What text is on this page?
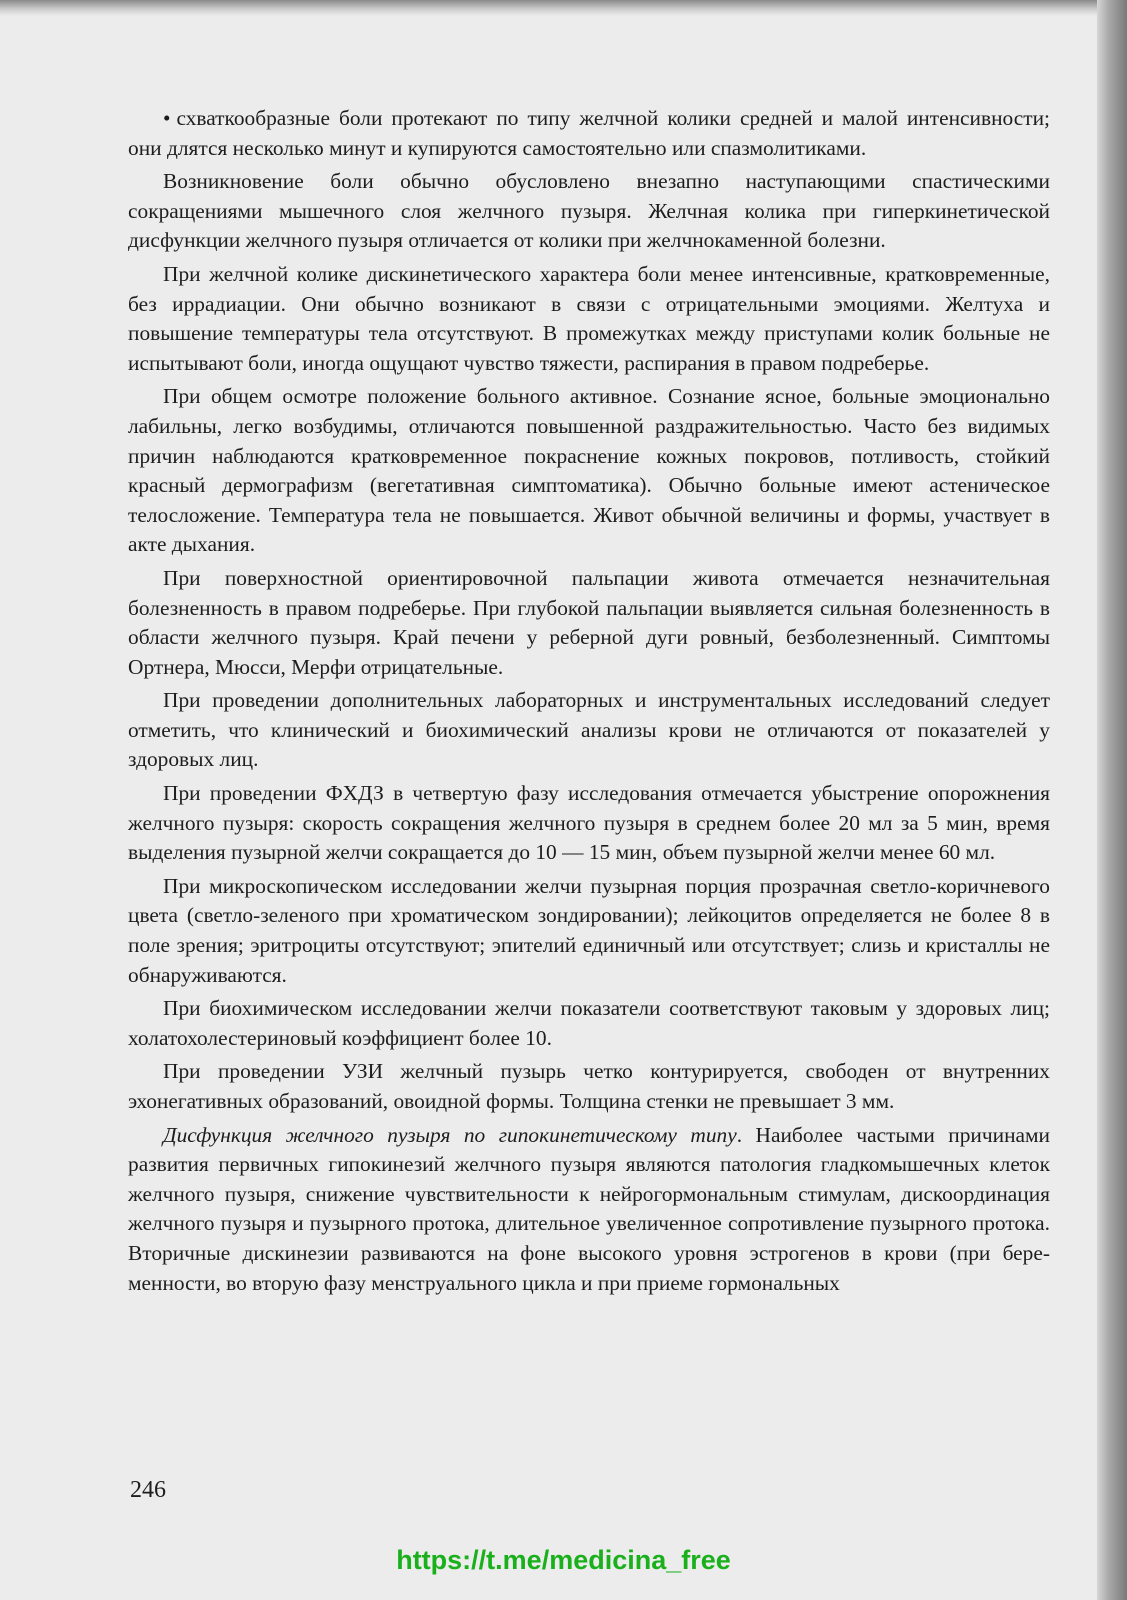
• схваткообразные боли протекают по типу желчной колики средней и малой интенсивности; они длятся несколько минут и купируются самостоятельно или спазмолитиками.

Возникновение боли обычно обусловлено внезапно наступающими спастическими сокращениями мышечного слоя желчного пузыря. Желчная колика при гиперкинетической дисфункции желчного пузыря отличается от колики при желчнокаменной болезни.

При желчной колике дискинетического характера боли менее интенсивные, кратковременные, без иррадиации. Они обычно возникают в связи с отрицательными эмоциями. Желтуха и повышение температуры тела отсутствуют. В промежутках между приступами колик больные не испытывают боли, иногда ощущают чувство тяжести, распирания в правом подреберье.

При общем осмотре положение больного активное. Сознание ясное, больные эмоционально лабильны, легко возбудимы, отличаются повышенной раздражительностью. Часто без видимых причин наблюдаются кратковременное покраснение кожных покровов, потливость, стойкий красный дермографизм (вегетативная симптоматика). Обычно больные имеют астеническое телосложение. Температура тела не повышается. Живот обычной величины и формы, участвует в акте дыхания.

При поверхностной ориентировочной пальпации живота отмечается незначительная болезненность в правом подреберье. При глубокой пальпации выявляется сильная болезненность в области желчного пузыря. Край печени у реберной дуги ровный, безболезненный. Симптомы Ортнера, Мюсси, Мерфи отрицательные.

При проведении дополнительных лабораторных и инструментальных исследований следует отметить, что клинический и биохимический анализы крови не отличаются от показателей у здоровых лиц.

При проведении ФХДЗ в четвертую фазу исследования отмечается убыстрение опорожнения желчного пузыря: скорость сокращения желчного пузыря в среднем более 20 мл за 5 мин, время выделения пузырной желчи сокращается до 10 — 15 мин, объем пузырной желчи менее 60 мл.

При микроскопическом исследовании желчи пузырная порция прозрачная светло-коричневого цвета (светло-зеленого при хроматическом зондировании); лейкоцитов определяется не более 8 в поле зрения; эритроциты отсутствуют; эпителий единичный или отсутствует; слизь и кристаллы не обнаруживаются.

При биохимическом исследовании желчи показатели соответствуют таковым у здоровых лиц; холатохолестериновый коэффициент более 10.

При проведении УЗИ желчный пузырь четко контурируется, свободен от внутренних эхонегативных образований, овоидной формы. Толщина стенки не превышает 3 мм.

Дисфункция желчного пузыря по гипокинетическому типу. Наиболее частыми причинами развития первичных гипокинезий желчного пузыря являются патология гладкомышечных клеток желчного пузыря, снижение чувствительности к нейрогормональным стимулам, дискоординация желчного пузыря и пузырного протока, длительное увеличенное сопротивление пузырного протока. Вторичные дискинезии развиваются на фоне высокого уровня эстрогенов в крови (при беременности, во вторую фазу менструального цикла и при приеме гормональных

246
https://t.me/medicina_free
